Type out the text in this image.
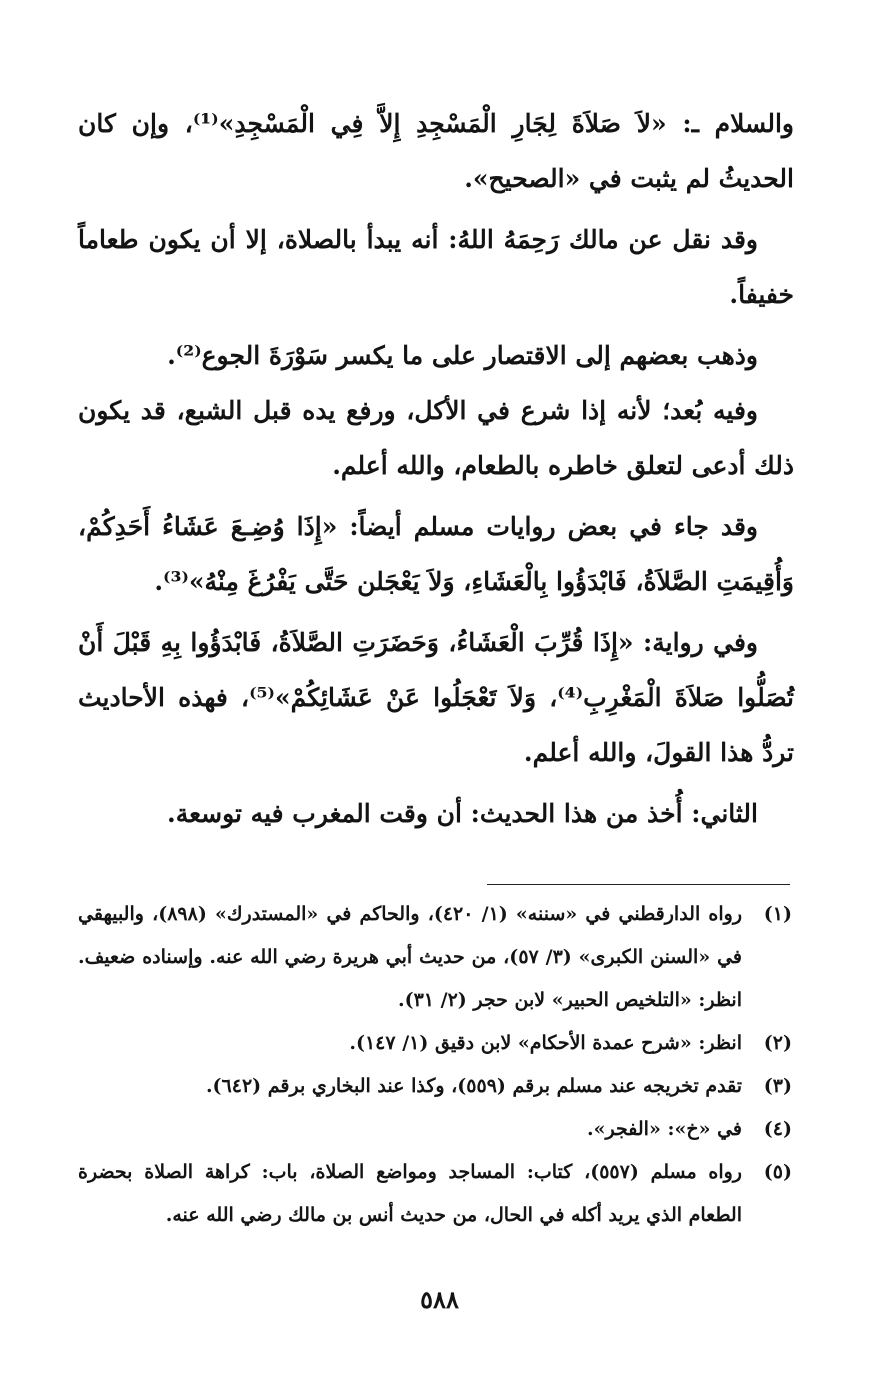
والسلام ـ: «لاَ صَلاَةَ لِجَارِ الْمَسْجِدِ إِلاَّ فِي الْمَسْجِدِ»⁽¹⁾، وإن كان الحديثُ لم يثبت في «الصحيح».

وقد نقل عن مالك رَحِمَهُ اللهُ: أنه يبدأ بالصلاة، إلا أن يكون طعاماً خفيفاً.

وذهب بعضهم إلى الاقتصار على ما يكسر سَوْرَةَ الجوع⁽²⁾.

وفيه بُعد؛ لأنه إذا شرع في الأكل، ورفع يده قبل الشبع، قد يكون ذلك أدعى لتعلق خاطره بالطعام، والله أعلم.

وقد جاء في بعض روايات مسلم أيضاً: «إِذَا وُضِـعَ عَشَاءُ أَحَدِكُمْ، وَأُقِيمَتِ الصَّلاَةُ، فَابْدَؤُوا بِالْعَشَاءِ، وَلاَ يَعْجَلن حَتَّى يَفْرُغَ مِنْهُ»⁽³⁾.

وفي رواية: «إِذَا قُرِّبَ الْعَشَاءُ، وَحَضَرَتِ الصَّلاَةُ، فَابْدَؤُوا بِهِ قَبْلَ أَنْ تُصَلُّوا صَلاَةَ الْمَغْرِبِ⁽⁴⁾، وَلاَ تَعْجَلُوا عَنْ عَشَائِكُمْ»⁽⁵⁾، فهذه الأحاديث تردُّ هذا القولَ، والله أعلم.

الثاني: أُخذ من هذا الحديث: أن وقت المغرب فيه توسعة.

(١)
رواه الدارقطني في «سننه» (١/ ٤٢٠)، والحاكم في «المستدرك» (٨٩٨)، والبيهقي في «السنن الكبرى» (٣/ ٥٧)، من حديث أبي هريرة رضي الله عنه. وإسناده ضعيف. انظر: «التلخيص الحبير» لابن حجر (٢/ ٣١).
(٢)
انظر: «شرح عمدة الأحكام» لابن دقيق (١/ ١٤٧).
(٣)
تقدم تخريجه عند مسلم برقم (٥٥٩)، وكذا عند البخاري برقم (٦٤٢).
(٤)
في «خ»: «الفجر».
(٥)
رواه مسلم (٥٥٧)، كتاب: المساجد ومواضع الصلاة، باب: كراهة الصلاة بحضرة الطعام الذي يريد أكله في الحال، من حديث أنس بن مالك رضي الله عنه.
٥٨٨
